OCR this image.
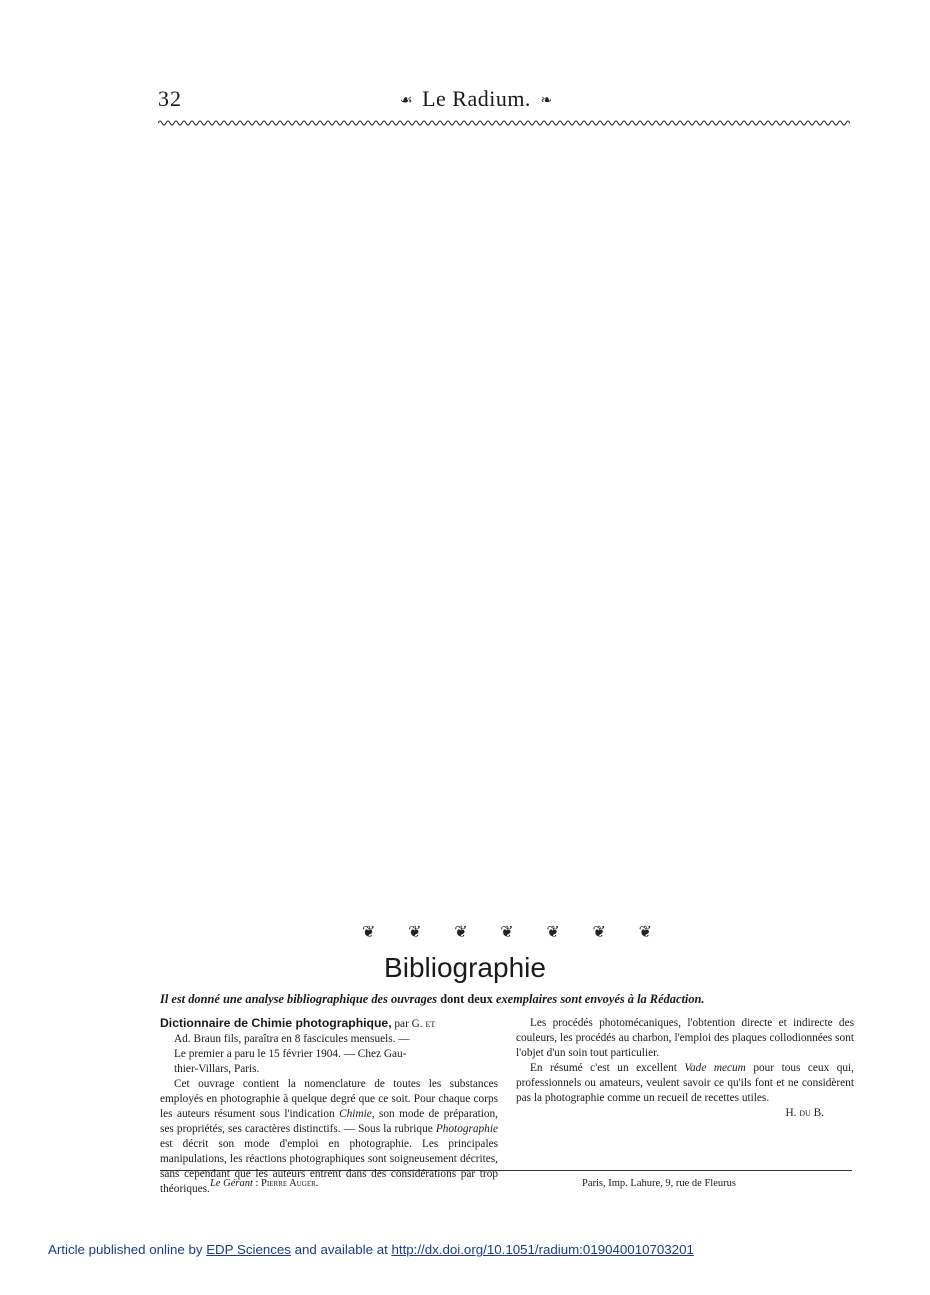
32	☙ Le Radium. ❧
❦ ❦ ❦ ❦ ❦ ❦ ❦
Bibliographie
Il est donné une analyse bibliographique des ouvrages dont deux exemplaires sont envoyés à la Rédaction.

Dictionnaire de Chimie photographique, par G. et

Ad. Braun fils, paraîtra en 8 fascicules mensuels. —

Le premier a paru le 15 février 1904. — Chez Gau-

thier-Villars, Paris.

Cet ouvrage contient la nomenclature de toutes les substances employés en photographie à quelque degré que ce soit. Pour chaque corps les auteurs résument sous l'indication Chimie, son mode de préparation, ses propriétés, ses caractères distinctifs. — Sous la rubrique Photographie est décrit son mode d'emploi en photographie. Les principales manipulations, les réactions photographiques sont soigneusement décrites, sans cependant que les auteurs entrent dans des considérations par trop théoriques.

Les procédés photomécaniques, l'obtention directe et indirecte des couleurs, les procédés au charbon, l'emploi des plaques collodionnées sont l'objet d'un soin tout particulier.

En résumé c'est un excellent Vade mecum pour tous ceux qui, professionnels ou amateurs, veulent savoir ce qu'ils font et ne considèrent pas la photographie comme un recueil de recettes utiles.

H. du B.

Le Gérant : Pierre Auger.	Paris, Imp. Lahure, 9, rue de Fleurus
Article published online by EDP Sciences and available at http://dx.doi.org/10.1051/radium:019040010703201
